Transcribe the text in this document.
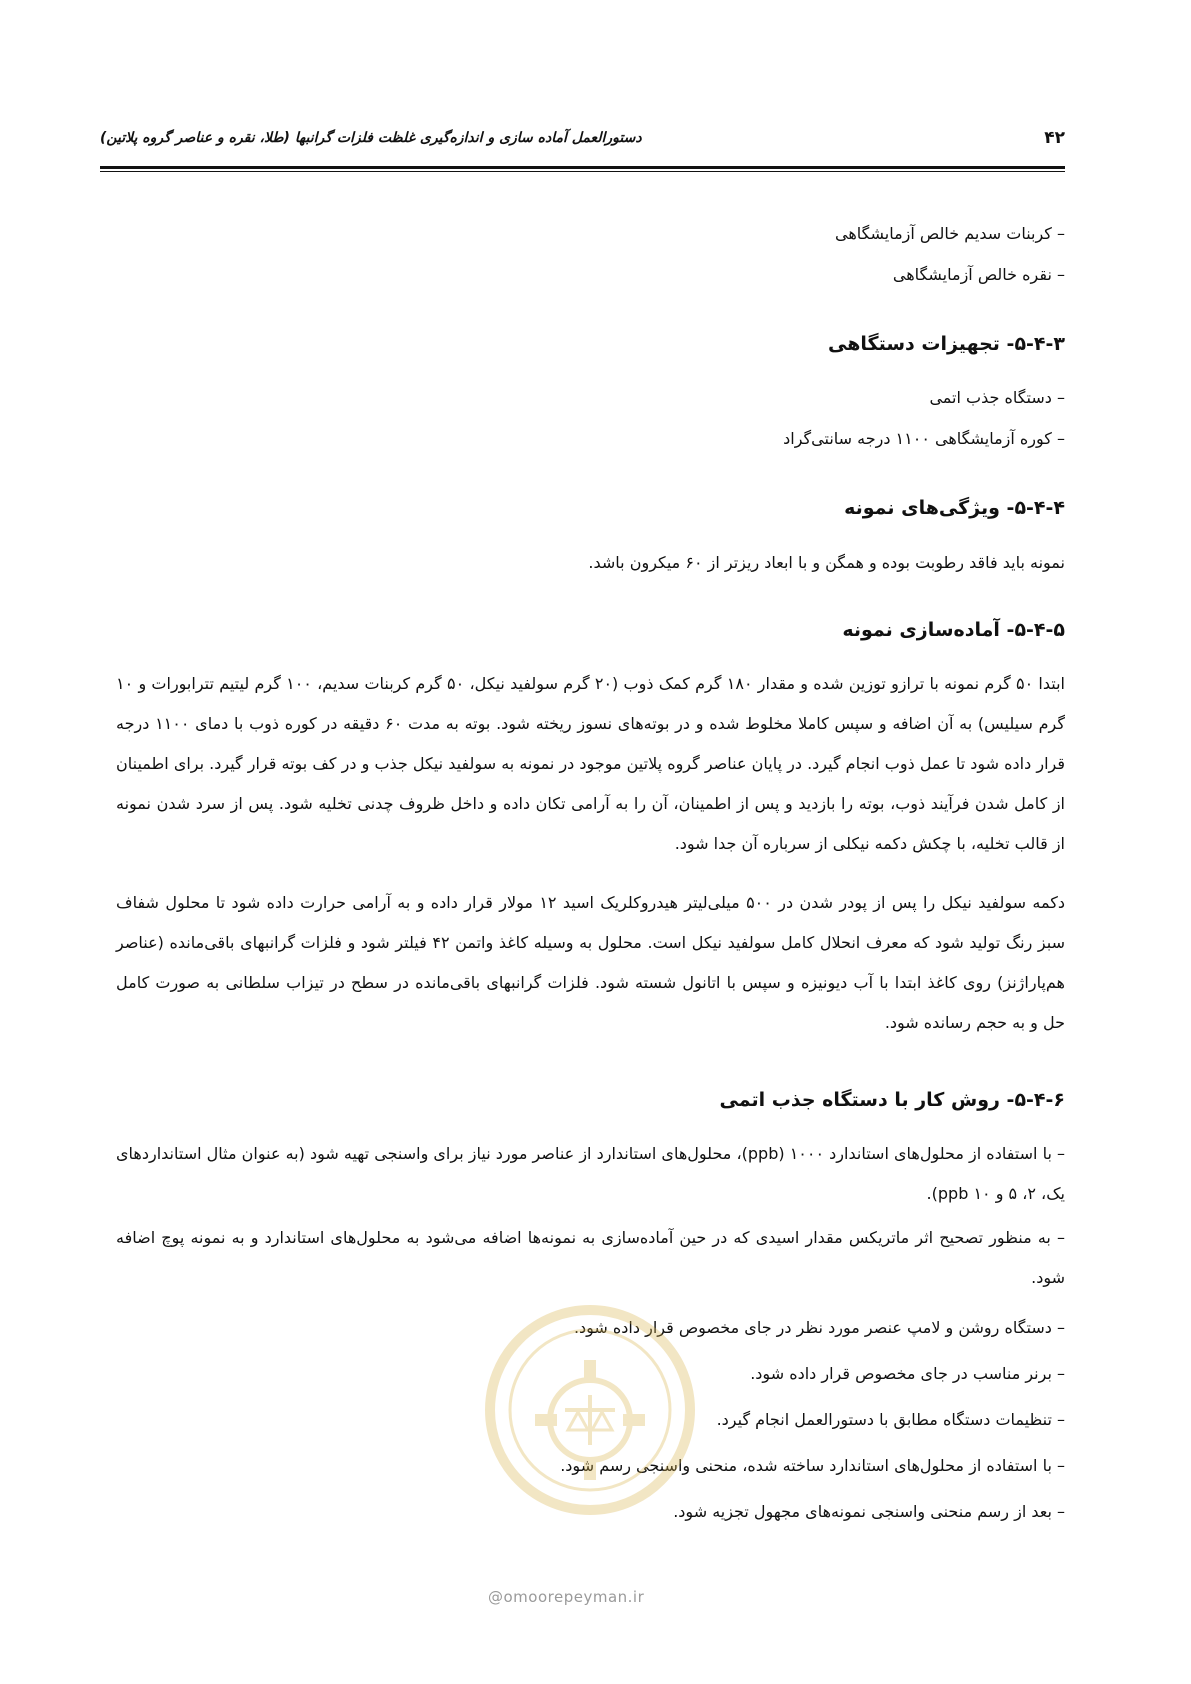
۴۲
دستورالعمل آماده سازی و اندازه‌گیری غلظت فلزات گرانبها (طلا، نقره و عناصر گروه پلاتین)
– کربنات سدیم خالص آزمایشگاهی
– نقره خالص آزمایشگاهی
۵-۴-۳- تجهیزات دستگاهی
– دستگاه جذب اتمی
– کوره آزمایشگاهی ۱۱۰۰ درجه سانتی‌گراد
۵-۴-۴- ویژگی‌های نمونه
نمونه باید فاقد رطوبت بوده و همگن و با ابعاد ریزتر از ۶۰ میکرون باشد.
۵-۴-۵- آماده‌سازی نمونه
ابتدا ۵۰ گرم نمونه با ترازو توزین شده و مقدار ۱۸۰ گرم کمک ذوب (۲۰ گرم سولفید نیکل، ۵۰ گرم کربنات سدیم، ۱۰۰ گرم لیتیم تترابورات و ۱۰ گرم سیلیس) به آن اضافه و سپس کاملا مخلوط شده و در بوته‌های نسوز ریخته شود. بوته به مدت ۶۰ دقیقه در کوره ذوب با دمای ۱۱۰۰ درجه قرار داده شود تا عمل ذوب انجام گیرد. در پایان عناصر گروه پلاتین موجود در نمونه به سولفید نیکل جذب و در کف بوته قرار گیرد. برای اطمینان از کامل شدن فرآیند ذوب، بوته را بازدید و پس از اطمینان، آن را به آرامی تکان داده و داخل ظروف چدنی تخلیه شود. پس از سرد شدن نمونه از قالب تخلیه، با چکش دکمه نیکلی از سرباره آن جدا شود.
دکمه سولفید نیکل را پس از پودر شدن در ۵۰۰ میلی‌لیتر هیدروکلریک اسید ۱۲ مولار قرار داده و به آرامی حرارت داده شود تا محلول شفاف سبز رنگ تولید شود که معرف انحلال کامل سولفید نیکل است. محلول به وسیله کاغذ واتمن ۴۲ فیلتر شود و فلزات گرانبهای باقی‌مانده (عناصر هم‌پاراژنز) روی کاغذ ابتدا با آب دیونیزه و سپس با اتانول شسته شود. فلزات گرانبهای باقی‌مانده در سطح در تیزاب سلطانی به صورت کامل حل و به حجم رسانده شود.
۵-۴-۶- روش کار با دستگاه جذب اتمی
– با استفاده از محلول‌های استاندارد ۱۰۰۰ (ppb)، محلول‌های استاندارد از عناصر مورد نیاز برای واسنجی تهیه شود (به عنوان مثال استانداردهای یک، ۲، ۵ و ۱۰ ppb).
– به منظور تصحیح اثر ماتریکس مقدار اسیدی که در حین آماده‌سازی به نمونه‌ها اضافه می‌شود به محلول‌های استاندارد و به نمونه پوچ اضافه شود.
– دستگاه روشن و لامپ عنصر مورد نظر در جای مخصوص قرار داده شود.
– برنر مناسب در جای مخصوص قرار داده شود.
– تنظیمات دستگاه مطابق با دستورالعمل انجام گیرد.
– با استفاده از محلول‌های استاندارد ساخته شده، منحنی واسنجی رسم شود.
– بعد از رسم منحنی واسنجی نمونه‌های مجهول تجزیه شود.
@omoorepeyman.ir
